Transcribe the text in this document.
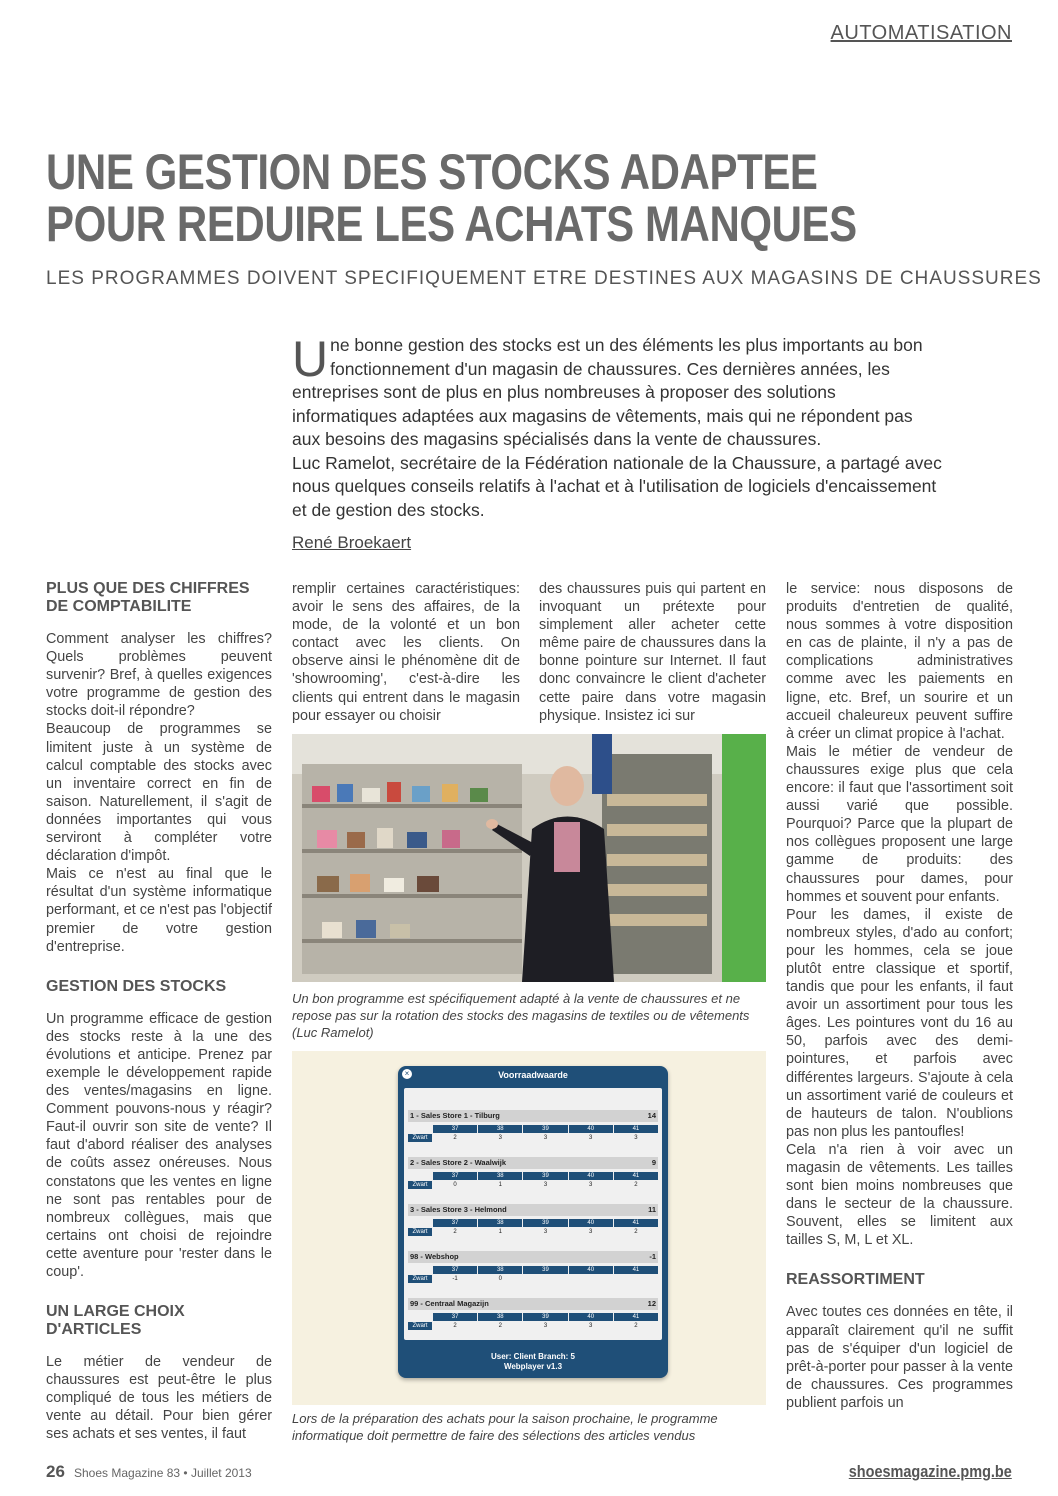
AUTOMATISATION
UNE GESTION DES STOCKS ADAPTEE
POUR REDUIRE LES ACHATS MANQUES
LES PROGRAMMES DOIVENT SPECIFIQUEMENT ETRE DESTINES AUX MAGASINS DE CHAUSSURES
U ne bonne gestion des stocks est un des éléments les plus importants au bon fonctionnement d'un magasin de chaussures. Ces dernières années, les entreprises sont de plus en plus nombreuses à proposer des solutions informatiques adaptées aux magasins de vêtements, mais qui ne répondent pas aux besoins des magasins spécialisés dans la vente de chaussures.

Luc Ramelot, secrétaire de la Fédération nationale de la Chaussure, a partagé avec nous quelques conseils relatifs à l'achat et à l'utilisation de logiciels d'encaissement et de gestion des stocks.

René Broekaert
PLUS QUE DES CHIFFRES DE COMPTABILITE

Comment analyser les chiffres? Quels problèmes peuvent survenir? Bref, à quelles exigences votre programme de gestion des stocks doit-il répondre?

Beaucoup de programmes se limitent juste à un système de calcul comptable des stocks avec un inventaire correct en fin de saison. Naturellement, il s'agit de données importantes qui vous serviront à compléter votre déclaration d'impôt.

Mais ce n'est au final que le résultat d'un système informatique performant, et ce n'est pas l'objectif premier de votre gestion d'entreprise.

GESTION DES STOCKS

Un programme efficace de gestion des stocks reste à la une des évolutions et anticipe. Prenez par exemple le développement rapide des ventes/magasins en ligne. Comment pouvons-nous y réagir? Faut-il ouvrir son site de vente? Il faut d'abord réaliser des analyses de coûts assez onéreuses. Nous constatons que les ventes en ligne ne sont pas rentables pour de nombreux collègues, mais que certains ont choisi de rejoindre cette aventure pour 'rester dans le coup'.

UN LARGE CHOIX D'ARTICLES

Le métier de vendeur de chaussures est peut-être le plus compliqué de tous les métiers de vente au détail. Pour bien gérer ses achats et ses ventes, il faut

remplir certaines caractéristiques: avoir le sens des affaires, de la mode, de la volonté et un bon contact avec les clients. On observe ainsi le phénomène dit de 'showrooming', c'est-à-dire les clients qui entrent dans le magasin pour essayer ou choisir

des chaussures puis qui partent en invoquant un prétexte pour simplement aller acheter cette même paire de chaussures dans la bonne pointure sur Internet. Il faut donc convaincre le client d'acheter cette paire dans votre magasin physique. Insistez ici sur

le service: nous disposons de produits d'entretien de qualité, nous sommes à votre disposition en cas de plainte, il n'y a pas de complications administratives comme avec les paiements en ligne, etc. Bref, un sourire et un accueil chaleureux peuvent suffire à créer un climat propice à l'achat.

Mais le métier de vendeur de chaussures exige plus que cela encore: il faut que l'assortiment soit aussi varié que possible. Pourquoi? Parce que la plupart de nos collègues proposent une large gamme de produits: des chaussures pour dames, pour hommes et souvent pour enfants.

Pour les dames, il existe de nombreux styles, d'ado au confort; pour les hommes, cela se joue plutôt entre classique et sportif, tandis que pour les enfants, il faut avoir un assortiment pour tous les âges. Les pointures vont du 16 au 50, parfois avec des demi-pointures, et parfois avec différentes largeurs. S'ajoute à cela un assortiment varié de couleurs et de hauteurs de talon. N'oublions pas non plus les pantoufles!

Cela n'a rien à voir avec un magasin de vêtements. Les tailles sont bien moins nombreuses que dans le secteur de la chaussure. Souvent, elles se limitent aux tailles S, M, L et XL.

REASSORTIMENT

Avec toutes ces données en tête, il apparaît clairement qu'il ne suffit pas de s'équiper d'un logiciel de prêt-à-porter pour passer à la vente de chaussures. Ces programmes publient parfois un

Un bon programme est spécifiquement adapté à la vente de chaussures et ne repose pas sur la rotation des stocks des magasins de textiles ou de vêtements (Luc Ramelot)
×	Voorraadwaarde
1 - Sales Store 1 - Tilburg	14
37	38	39	40	41
Zwart	2	3	3	3	3
2 - Sales Store 2 - Waalwijk	9
37	38	39	40	41
Zwart	0	1	3	3	2
3 - Sales Store 3 - Helmond	11
37	38	39	40	41
Zwart	2	1	3	3	2
98 - Webshop	-1
37	38	39	40	41
Zwart	-1	0
99 - Centraal Magazijn	12
37	38	39	40	41
Zwart	2	2	3	3	2
User: Client Branch: 5
Webplayer v1.3
Lors de la préparation des achats pour la saison prochaine, le programme informatique doit permettre de faire des sélections des articles vendus
26 Shoes Magazine 83 • Juillet 2013	shoesmagazine.pmg.be
